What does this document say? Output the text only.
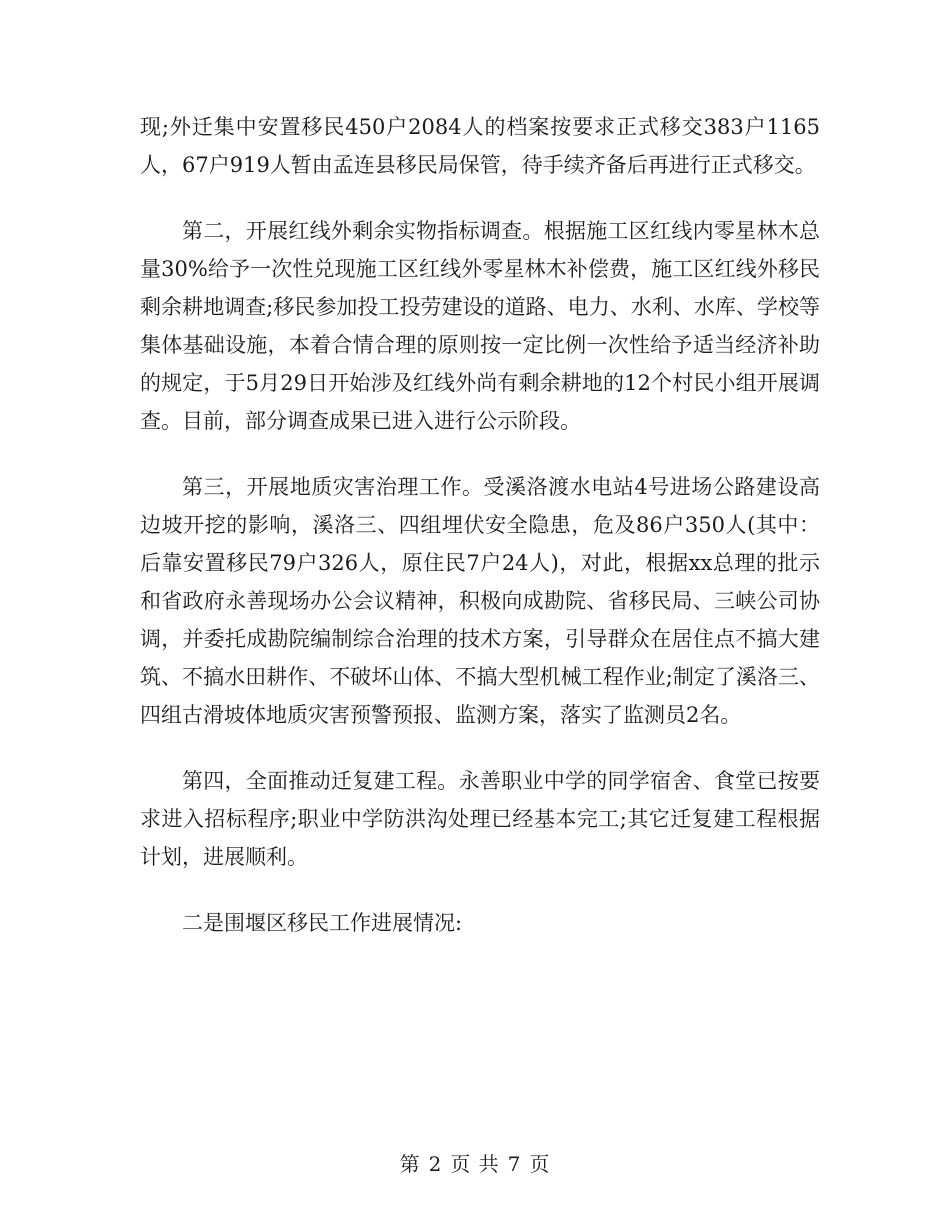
现;外迁集中安置移民450户2084人的档案按要求正式移交383户1165人，67户919人暂由孟连县移民局保管，待手续齐备后再进行正式移交。

第二，开展红线外剩余实物指标调查。根据施工区红线内零星林木总量30%给予一次性兑现施工区红线外零星林木补偿费，施工区红线外移民剩余耕地调查;移民参加投工投劳建设的道路、电力、水利、水库、学校等集体基础设施，本着合情合理的原则按一定比例一次性给予适当经济补助的规定，于5月29日开始涉及红线外尚有剩余耕地的12个村民小组开展调查。目前，部分调查成果已进入进行公示阶段。

第三，开展地质灾害治理工作。受溪洛渡水电站4号进场公路建设高边坡开挖的影响，溪洛三、四组埋伏安全隐患，危及86户350人(其中：后靠安置移民79户326人，原住民7户24人)，对此，根据xx总理的批示和省政府永善现场办公会议精神，积极向成勘院、省移民局、三峡公司协调，并委托成勘院编制综合治理的技术方案，引导群众在居住点不搞大建筑、不搞水田耕作、不破坏山体、不搞大型机械工程作业;制定了溪洛三、四组古滑坡体地质灾害预警预报、监测方案，落实了监测员2名。

第四，全面推动迁复建工程。永善职业中学的同学宿舍、食堂已按要求进入招标程序;职业中学防洪沟处理已经基本完工;其它迁复建工程根据计划，进展顺利。

二是围堰区移民工作进展情况:

第 2 页 共 7 页
